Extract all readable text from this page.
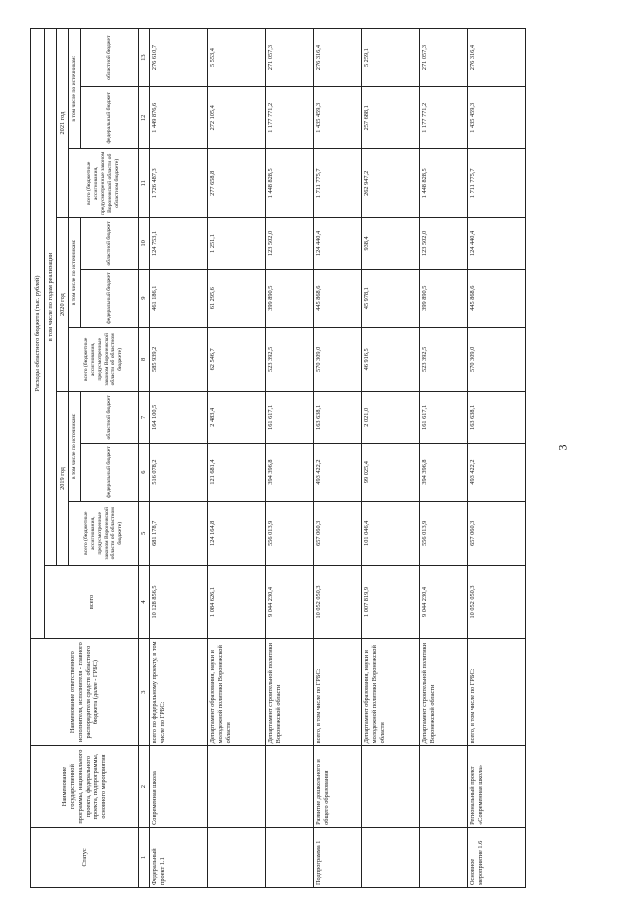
3
Статус	Наименование государственной программы, национального проекта, федерального проекта, подпрограммы, основного мероприятия	Наименование ответственного исполнителя, исполнителя - главного распорядителя средств областного бюджета (далее - ГРБС)	Расходы областного бюджета (тыс. рублей)									
			всего	в том числе по годам реализации								
				2019 год			2020 год			2021 год		
				всего (бюджетные ассигнования, предусмотренные законом Воронежской области об областном бюджете)	в том числе по источникам:		всего (бюджетные ассигнования, предусмотренные законом Воронежской области об областном бюджете)	в том числе по источникам:		всего (бюджетные ассигнования, предусмотренные законом Воронежской области об областном бюджете)	в том числе по источникам:	
					федеральный бюджет	областной бюджет		федеральный бюджет	областной бюджет		федеральный бюджет	областной бюджет
1	2	3	4	5	6	7	8	9	10	11	12	13
Федеральный проект 1.1	Современная школа	всего по федеральному проекту, в том числе по ГРБС:	10 128 856,5	681 178,7	516 078,2	164 100,5	585 939,2	461 186,1	124 753,1	1 726 487,3	1 449 876,6	276 610,7
		Департамент образования, науки и молодежной политики Воронежской области	1 084 626,1	124 164,8	121 681,4	2 483,4	62 546,7	61 295,6	1 251,1	277 658,8	272 105,4	5 553,4
		Департамент строительной политики Воронежской области	9 044 230,4	556 013,9	394 396,8	161 617,1	523 392,5	399 890,5	123 502,0	1 448 828,5	1 177 771,2	271 057,3
Подпрограмма 1	Развитие дошкольного и общего образования	всего, в том числе по ГРБС:	10 052 050,3	657 060,3	493 422,2	163 638,1	570 309,0	445 868,6	124 440,4	1 711 775,7	1 435 459,3	276 316,4
		Департамент образования, науки и молодежной политики Воронежской области	1 007 819,9	101 046,4	99 025,4	2 021,0	46 916,5	45 978,1	938,4	262 947,2	257 688,1	5 259,1
		Департамент строительной политики Воронежской области	9 044 230,4	556 013,9	394 396,8	161 617,1	523 392,5	399 890,5	123 502,0	1 448 828,5	1 177 771,2	271 057,3
Основное мероприятие 1.6	Региональный проект «Современная школа»	всего, в том числе по ГРБС:	10 052 050,3	657 060,3	493 422,2	163 638,1	570 309,0	445 868,6	124 440,4	1 711 775,7	1 435 459,3	276 316,4
